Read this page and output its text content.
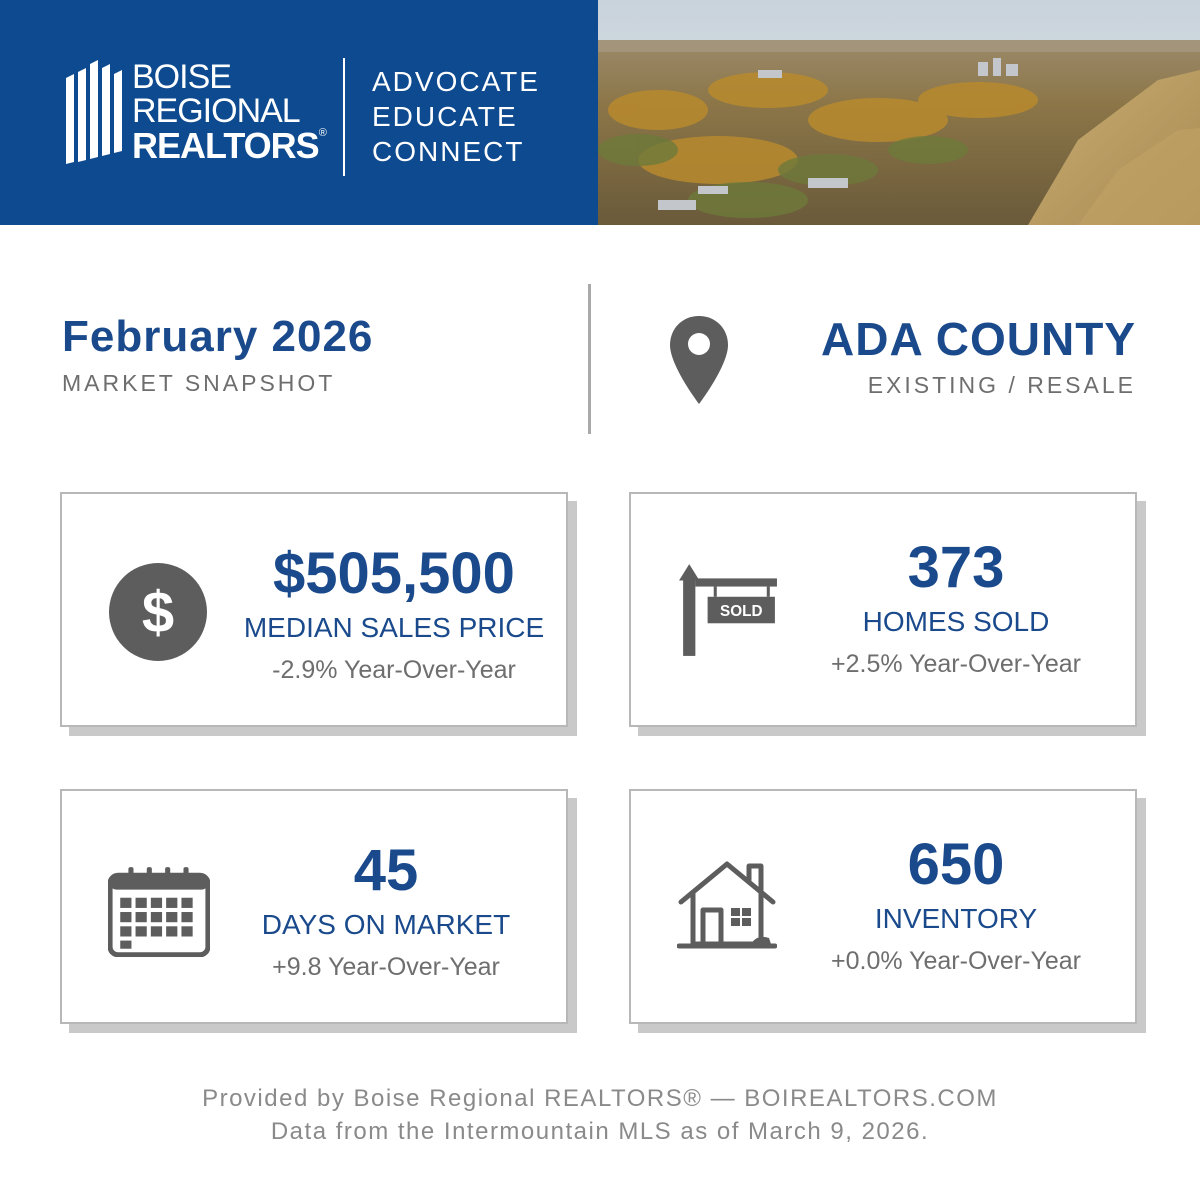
BOISE
REGIONAL
REALTORS®
ADVOCATE
EDUCATE
CONNECT
February 2026
MARKET SNAPSHOT
ADA COUNTY
EXISTING / RESALE
$
$505,500
MEDIAN SALES PRICE
-2.9% Year-Over-Year
SOLD
373
HOMES SOLD
+2.5% Year-Over-Year
45
DAYS ON MARKET
+9.8 Year-Over-Year
650
INVENTORY
+0.0% Year-Over-Year
Provided by Boise Regional REALTORS® — BOIREALTORS.COM
Data from the Intermountain MLS as of March 9, 2026.
